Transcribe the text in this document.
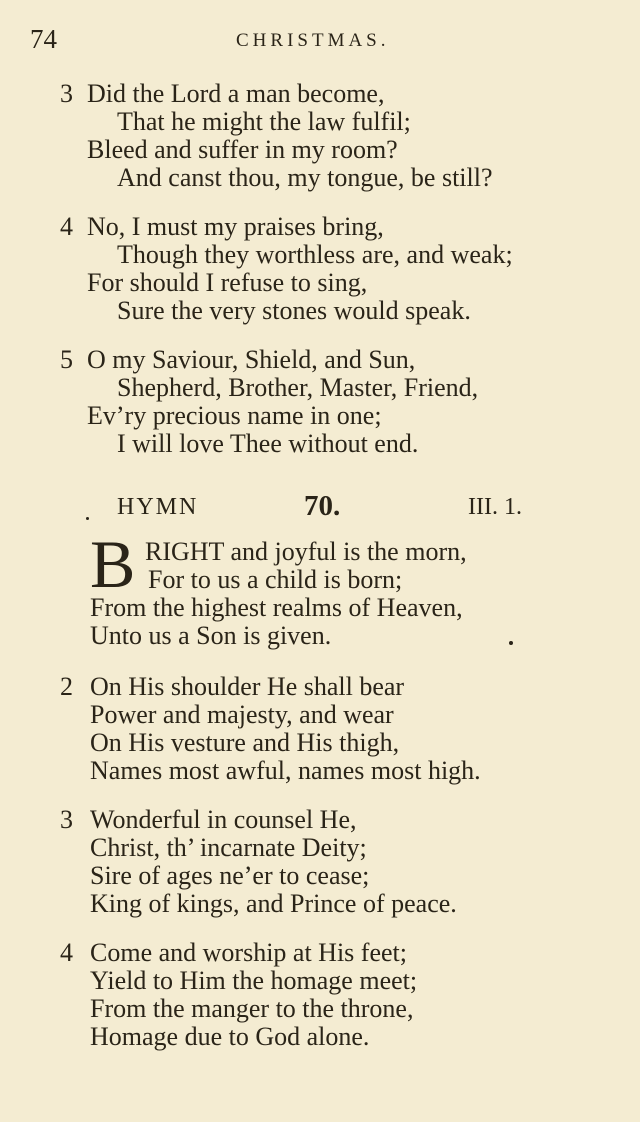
74	CHRISTMAS.
3 Did the Lord a man become,
That he might the law fulfil;
Bleed and suffer in my room?
And canst thou, my tongue, be still?
4 No, I must my praises bring,
Though they worthless are, and weak;
For should I refuse to sing,
Sure the very stones would speak.
5 O my Saviour, Shield, and Sun,
Shepherd, Brother, Master, Friend,
Ev’ry precious name in one;
I will love Thee without end.
HYMN	70.	III. 1.
B RIGHT and joyful is the morn,
For to us a child is born;
From the highest realms of Heaven,
Unto us a Son is given.
2 On His shoulder He shall bear
Power and majesty, and wear
On His vesture and His thigh,
Names most awful, names most high.
3 Wonderful in counsel He,
Christ, th’ incarnate Deity;
Sire of ages ne’er to cease;
King of kings, and Prince of peace.
4 Come and worship at His feet;
Yield to Him the homage meet;
From the manger to the throne,
Homage due to God alone.
